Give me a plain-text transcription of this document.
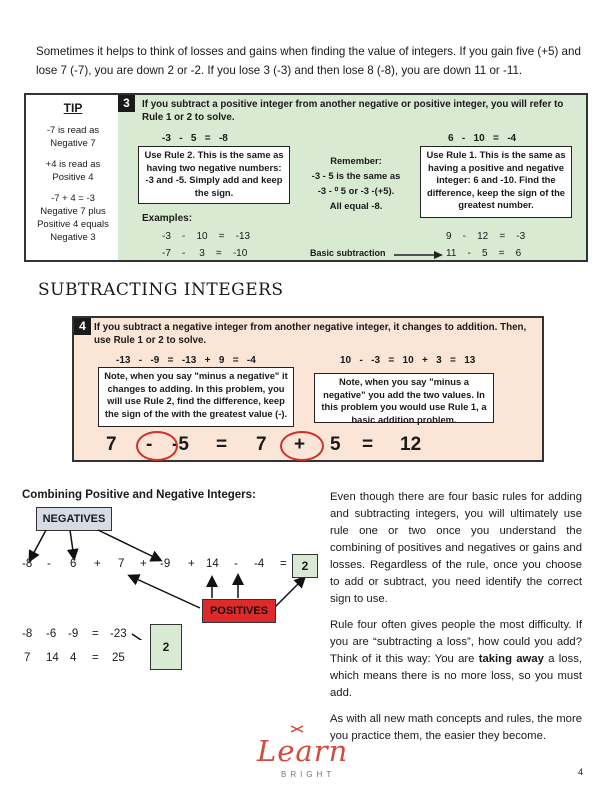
Sometimes it helps to think of losses and gains when finding the value of integers. If you gain five (+5) and lose 7 (-7), you are down 2 or -2. If you lose 3 (-3) and then lose 8 (-8), you are down 11 or -11.
TIP

-7 is read as Negative 7

+4 is read as Positive 4

-7 + 4 = -3

Negative 7 plus Positive 4 equals Negative 3

3	If you subtract a positive integer from another negative or positive integer, you will refer to Rule 1 or 2 to solve.
-3   -   5   =   -8	6   -   10   =   -4
Use Rule 2. This is the same as having two negative numbers: -3 and -5. Simply add and keep the sign.
Use Rule 1. This is the same as having a positive and negative integer: 6 and -10. Find the difference, keep the sign of the greatest number.
Remember:
-3 - 5 is the same as
-3 - ⁰ 5 or -3 -(+5).
All equal -8.
Examples:
-3    -    10    =    -13
-7    -     3    =    -10
9    -    12    =    -3
11    -    5    =    6
Basic subtraction
SUBTRACTING INTEGERS
4 If you subtract a negative integer from another negative integer, it changes to addition. Then, use Rule 1 or 2 to solve.
-13   -   -9   =   -13   +   9   =   -4	10   -   -3   =   10   +   3   =   13
Note, when you say "minus a negative" it changes to adding. In this problem, you will use Rule 2, find the difference, keep the sign of the with the greatest value (-).
Note, when you say "minus a negative" you add the two values. In this problem you would use Rule 1, a basic addition problem.
7 - -5 = 7 + 5 = 12
Combining Positive and Negative Integers:
NEGATIVES
-8 - 6 + 7 + -9 + 14 - -4 =	2
POSITIVES
-8 -6 -9 = -23
7 14 4 = 25
2

Even though there are four basic rules for adding and subtracting integers, you will ultimately use rule one or two once you understand the combining of positives and negatives or gains and losses. Regardless of the rule, once you choose to add or subtract, you need identify the correct sign to use.

Rule four often gives people the most difficulty. If you are “subtracting a loss”, how could you add? Think of it this way: You are taking away a loss, which means there is no more loss, so you must add.

As with all new math concepts and rules, the more you practice them, the easier they become.

Learn
BRIGHT	4
